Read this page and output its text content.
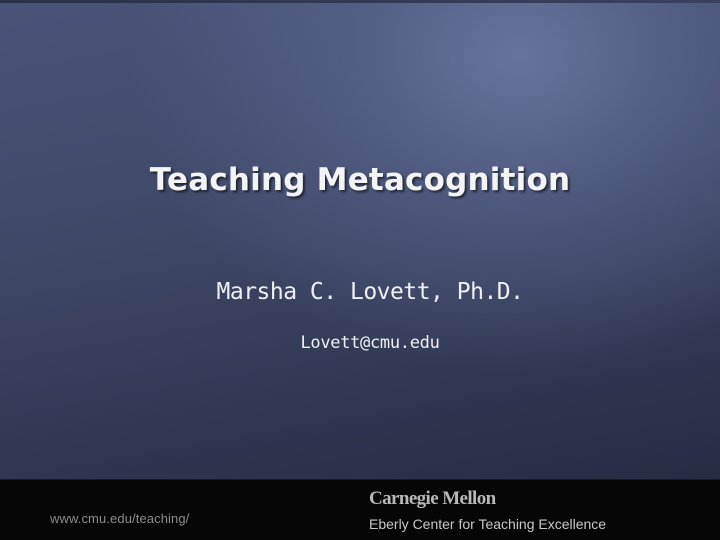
Teaching Metacognition
Marsha C. Lovett, Ph.D.
Lovett@cmu.edu
www.cmu.edu/teaching/
Carnegie Mellon
Eberly Center for Teaching Excellence
